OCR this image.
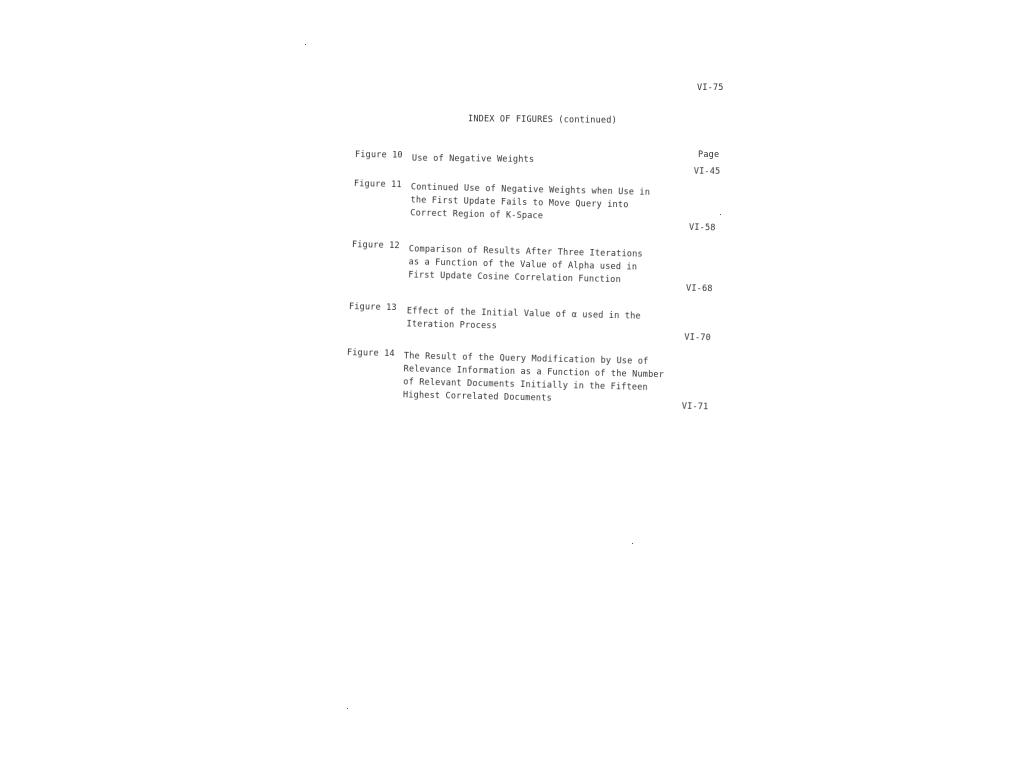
VI-75
INDEX OF FIGURES (continued)
Page
Figure 10 Use of Negative Weights
VI-45
Figure 11 Continued Use of Negative Weights when Use in
the First Update Fails to Move Query into
Correct Region of K-Space
VI-58
Figure 12 Comparison of Results After Three Iterations
as a Function of the Value of Alpha used in
First Update Cosine Correlation Function
VI-68
Figure 13 Effect of the Initial Value of α used in the
Iteration Process
VI-70
Figure 14 The Result of the Query Modification by Use of
Relevance Information as a Function of the Number
of Relevant Documents Initially in the Fifteen
Highest Correlated Documents
VI-71
